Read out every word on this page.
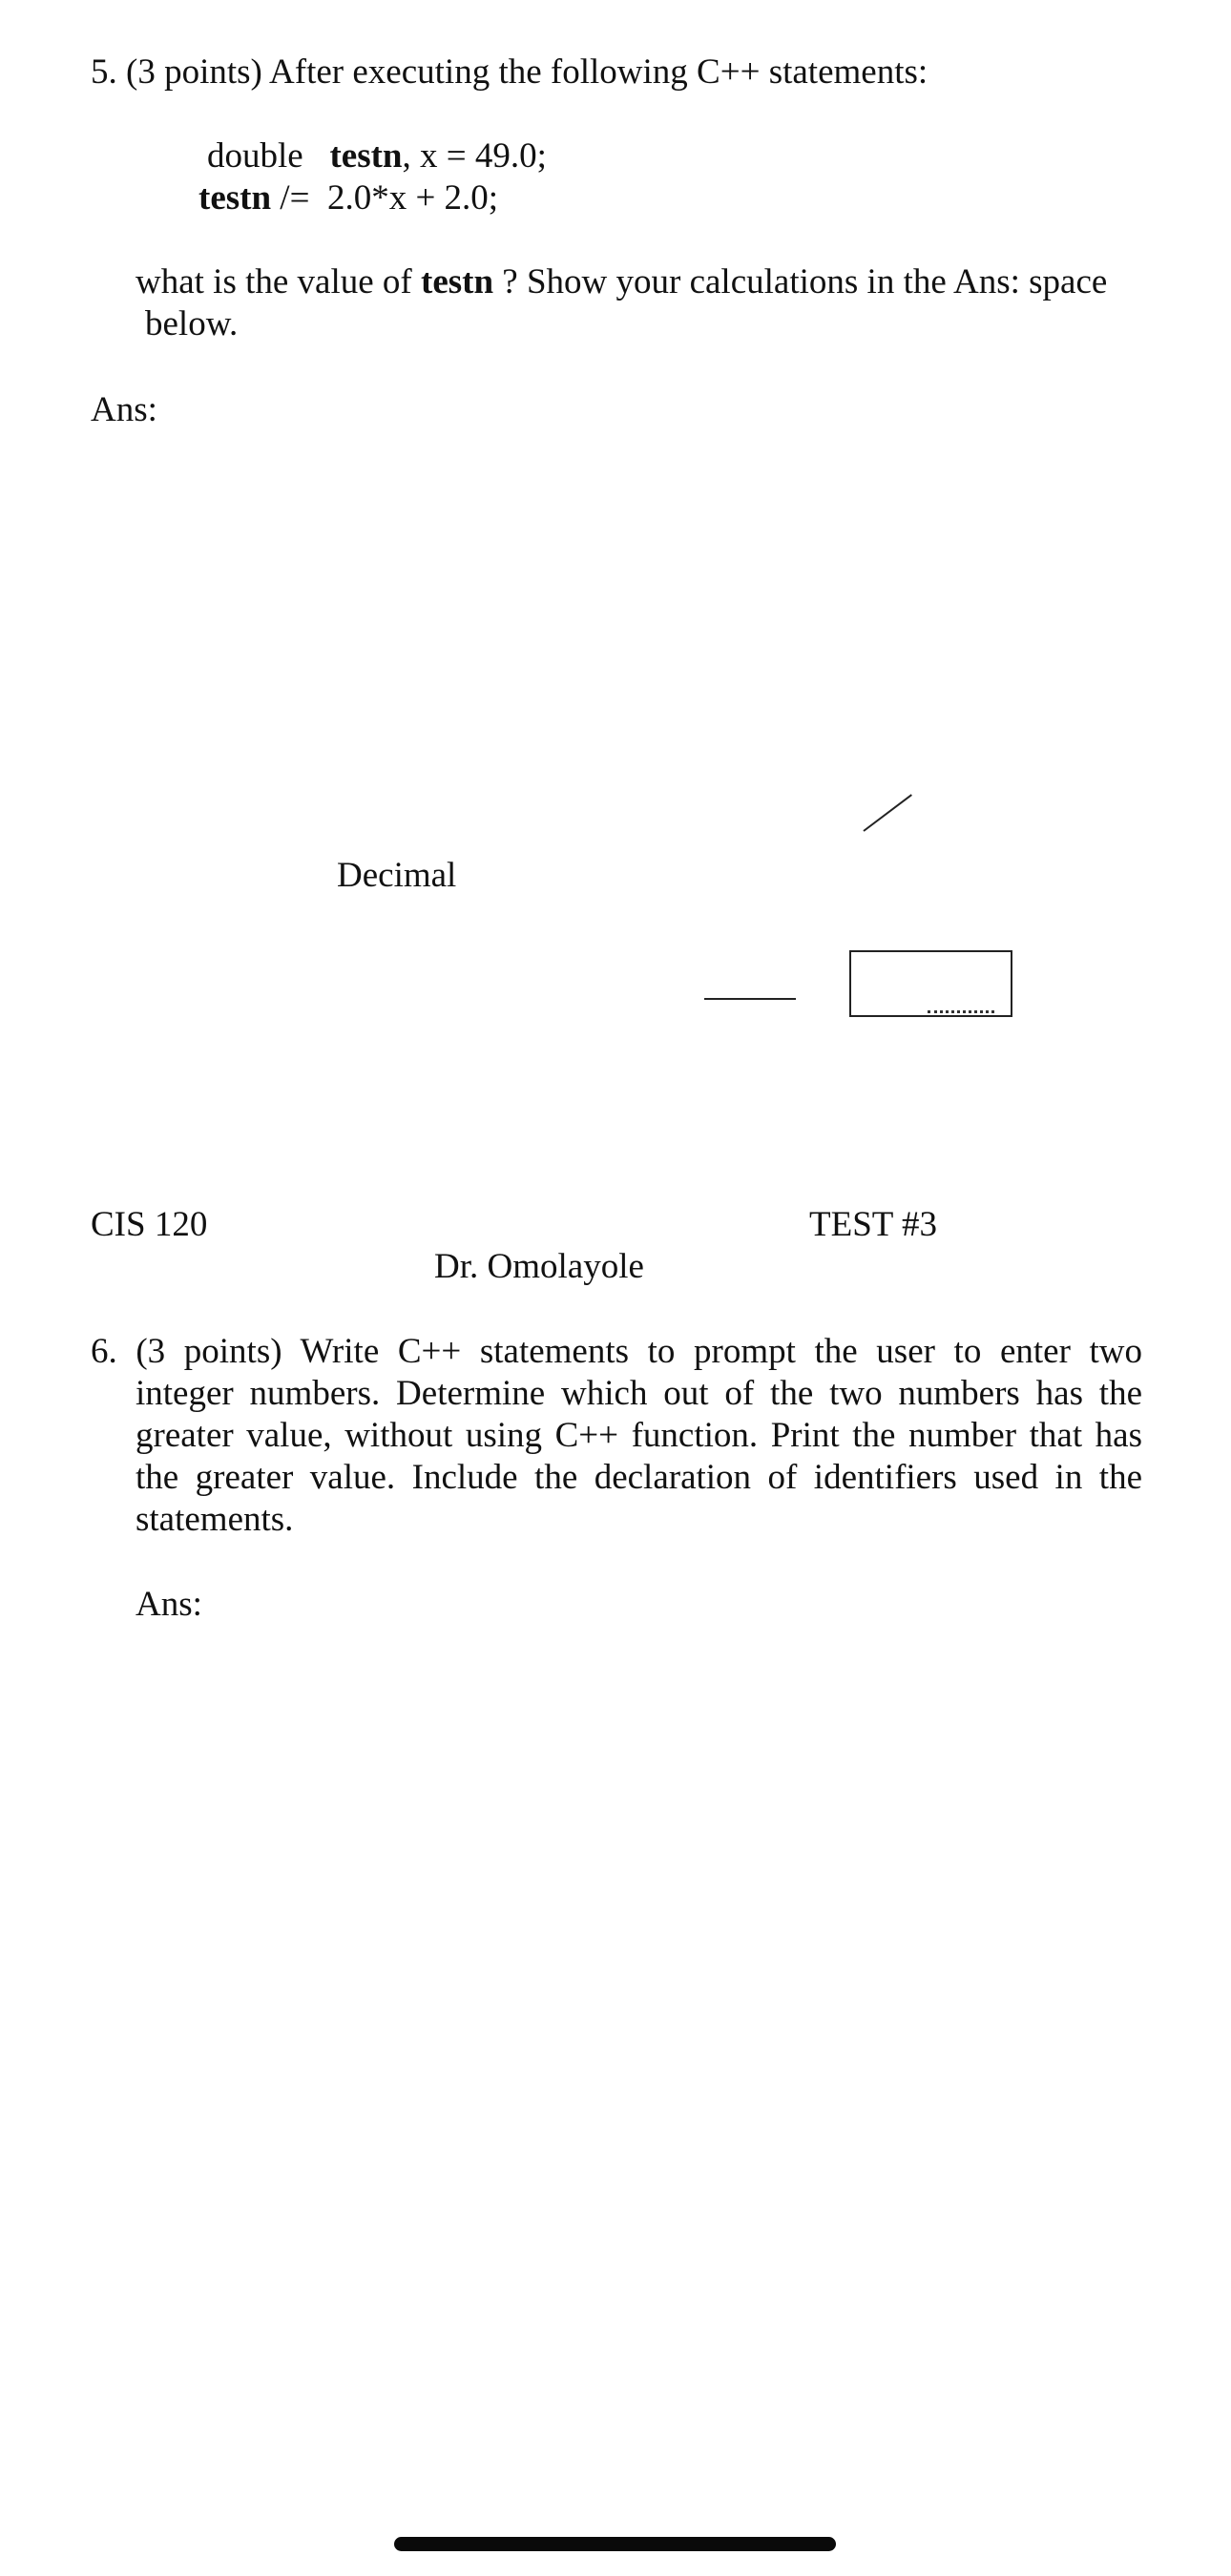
5. (3 points) After executing the following C++ statements:
double testn, x = 49.0;
testn /=  2.0*x + 2.0;
what is the value of testn ? Show your calculations in the Ans: space
below.
Ans:
Decimal
CIS 120	TEST #3
Dr. Omolayole
6. (3 points) Write C++ statements to prompt the user to enter two
integer numbers. Determine which out of the two numbers has the greater value, without using C++ function. Print the number that has the greater value. Include the declaration of identifiers used in the statements.
Ans:
